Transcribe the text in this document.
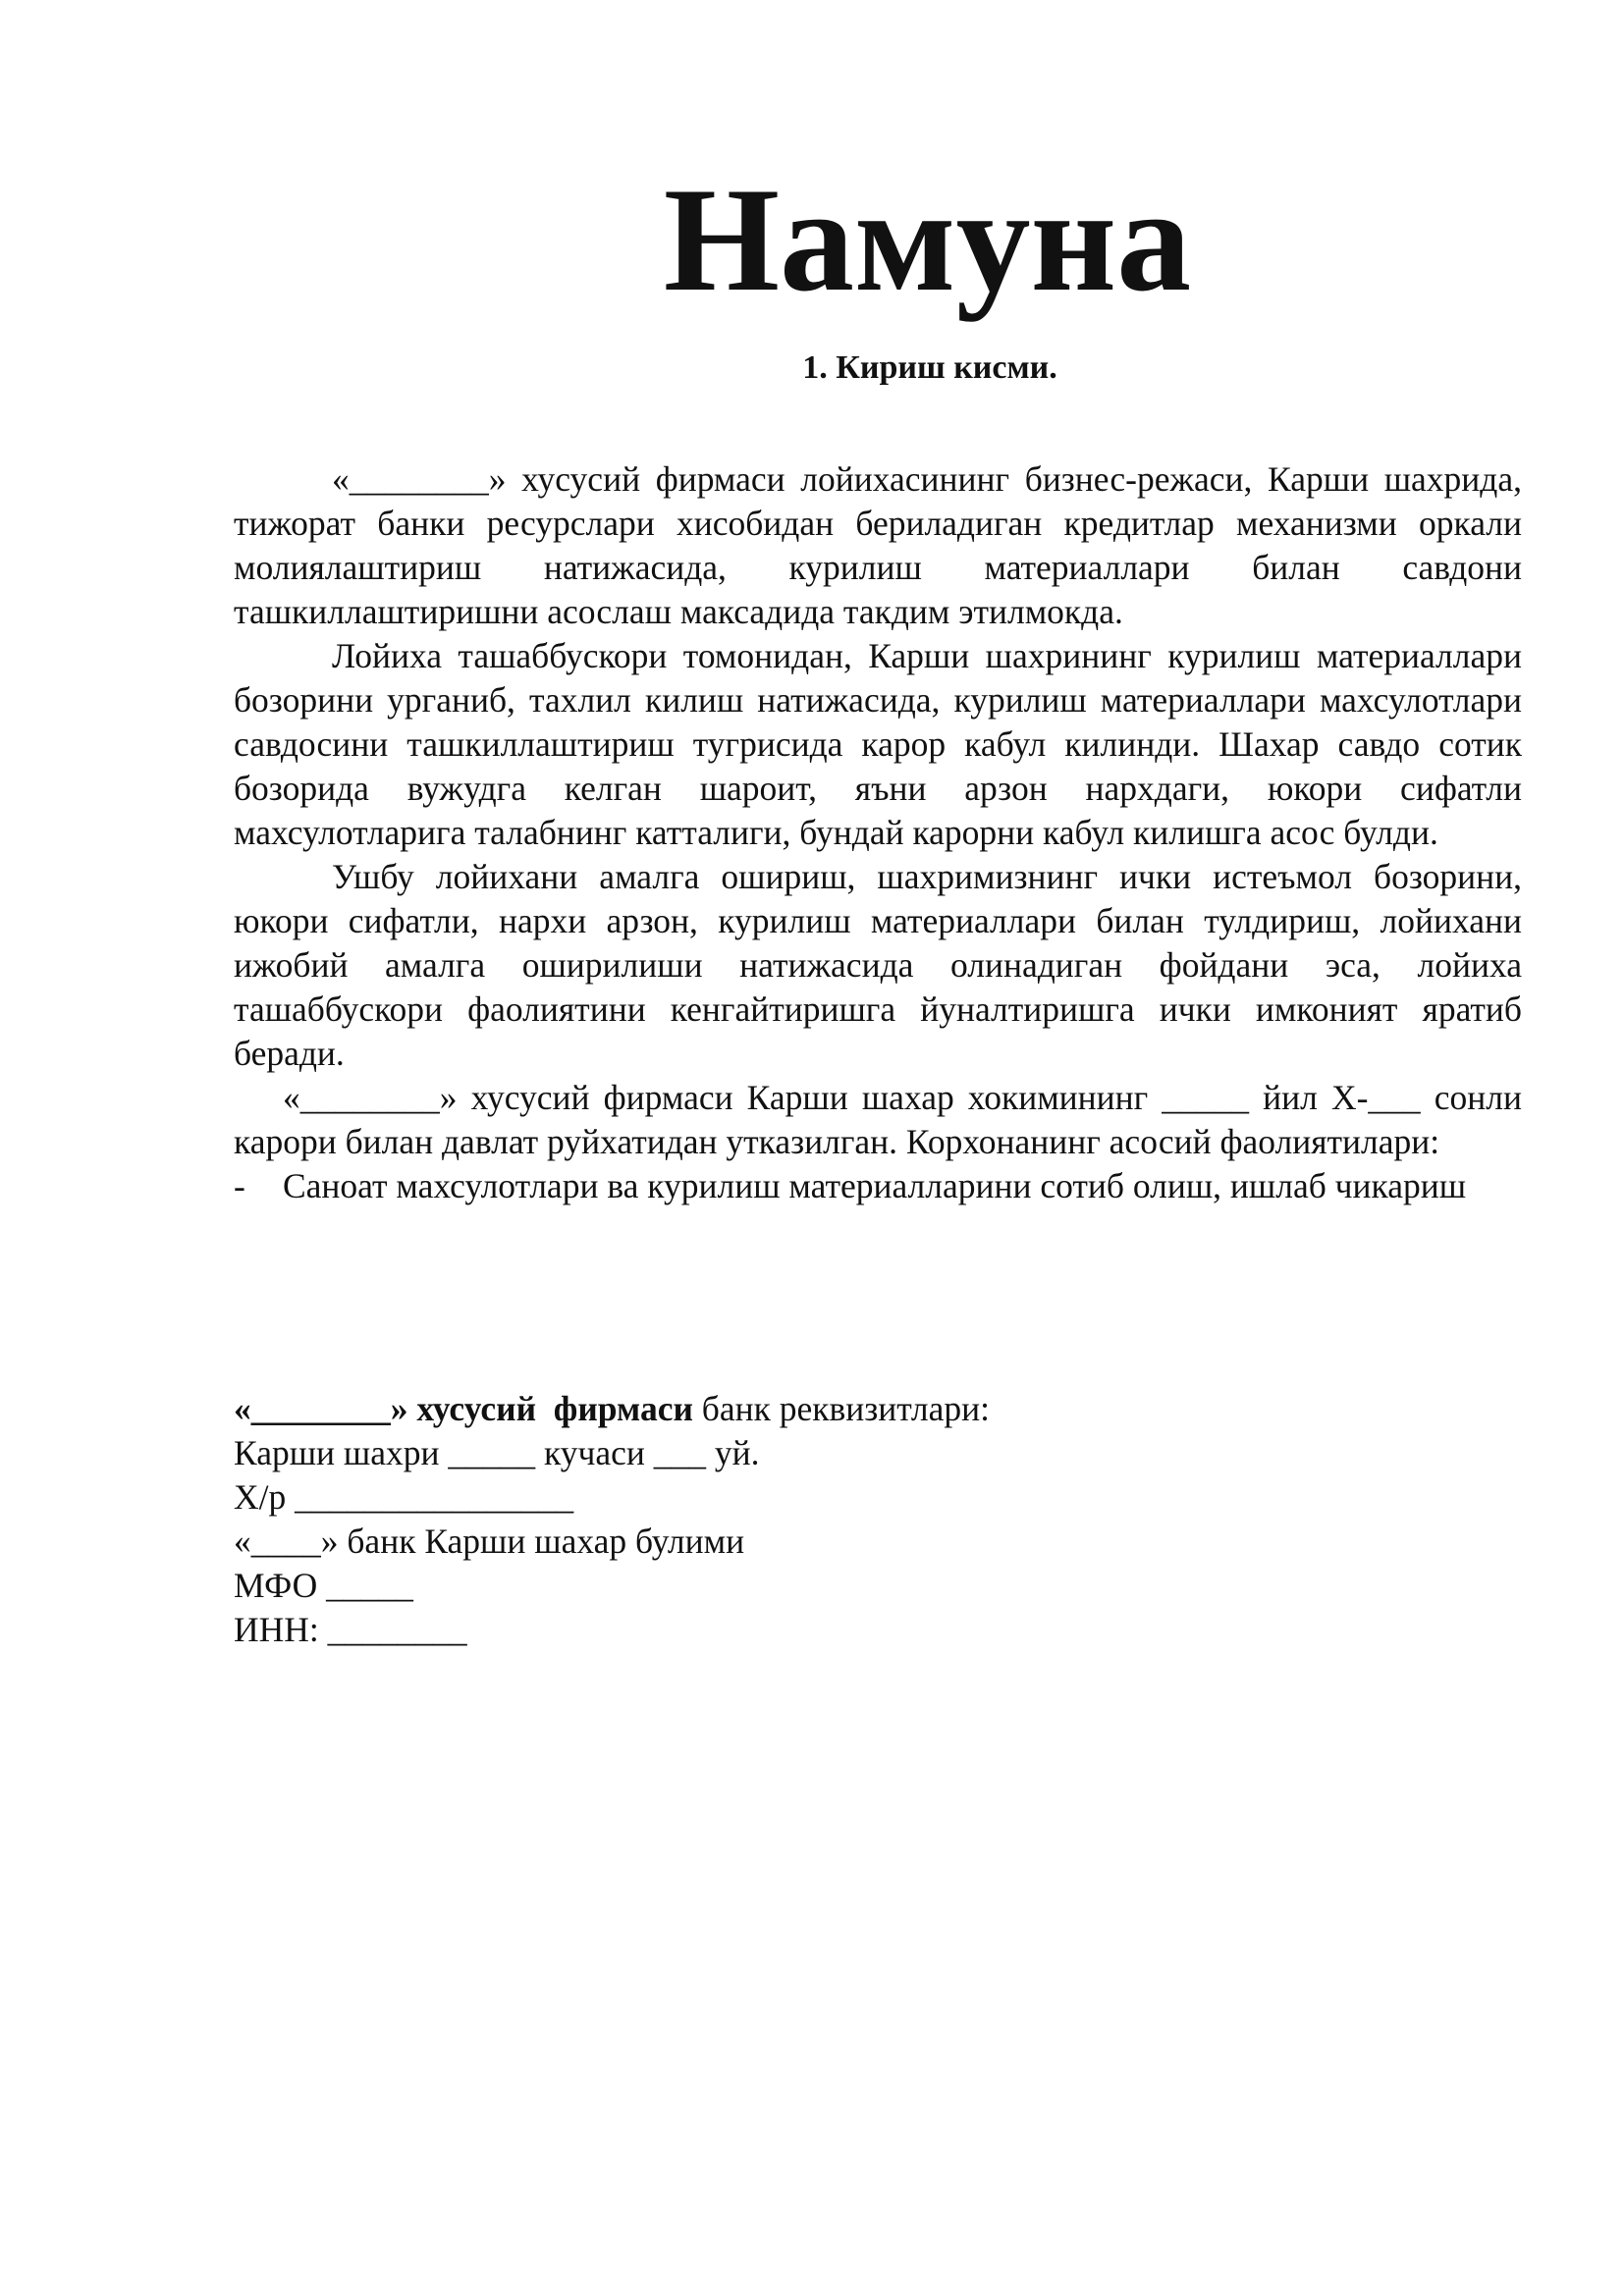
Намуна
1. Кириш кисми.

«________» хусусий фирмаси лойихасининг бизнес-режаси, Карши шахрида, тижорат банки ресурслари хисобидан бериладиган кредитлар механизми оркали молиялаштириш натижасида, курилиш материаллари билан савдони ташкиллаштиришни асослаш максадида такдим этилмокда.

Лойиха ташаббускори томонидан, Карши шахрининг курилиш материаллари бозорини урганиб, тахлил килиш натижасида, курилиш материаллари махсулотлари савдосини ташкиллаштириш тугрисида карор кабул килинди. Шахар савдо сотик бозорида вужудга келган шароит, яъни арзон нархдаги, юкори сифатли махсулотларига талабнинг катталиги, бундай карорни кабул килишга асос булди.

Ушбу лойихани амалга ошириш, шахримизнинг ички истеъмол бозорини, юкори сифатли, нархи арзон, курилиш материаллари билан тулдириш, лойихани ижобий амалга оширилиши натижасида олинадиган фойдани эса, лойиха ташаббускори фаолиятини кенгайтиришга йуналтиришга ички имконият яратиб беради.

«________» хусусий фирмаси Карши шахар хокимининг _____ йил Х-___ сонли карори билан давлат руйхатидан утказилган. Корхонанинг асосий фаолиятилари:

-	Саноат махсулотлари ва курилиш материалларини сотиб олиш, ишлаб чикариш
«________» хусусий  фирмаси банк реквизитлари:
Карши шахри _____ кучаси ___ уй.
Х/р ________________
«____» банк Карши шахар булими
МФО _____
ИНН: ________
